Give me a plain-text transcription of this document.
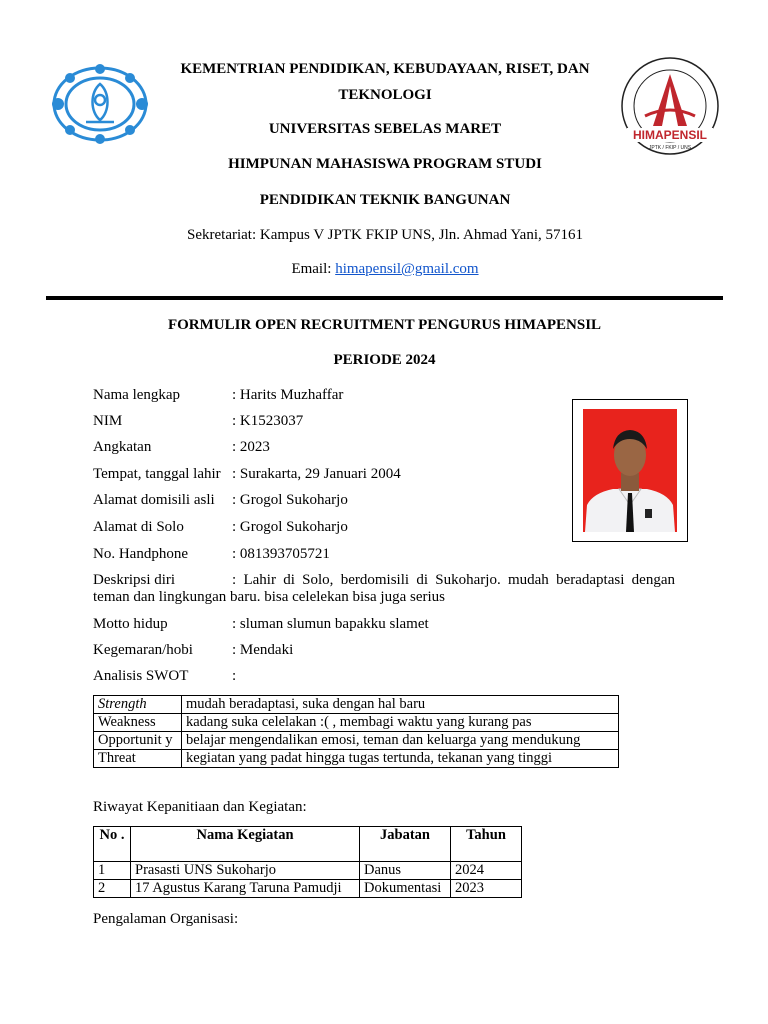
HIMAPENSIL
JPTK / FKIP / UNS
KEMENTRIAN PENDIDIKAN, KEBUDAYAAN, RISET, DAN
TEKNOLOGI
UNIVERSITAS SEBELAS MARET
HIMPUNAN MAHASISWA PROGRAM STUDI
PENDIDIKAN TEKNIK BANGUNAN
Sekretariat: Kampus V JPTK FKIP UNS, Jln. Ahmad Yani, 57161
Email: himapensil@gmail.com
FORMULIR OPEN RECRUITMENT PENGURUS HIMAPENSIL
PERIODE 2024
Nama lengkap	: Harits Muzhaffar
NIM	: K1523037
Angkatan	: 2023
Tempat, tanggal lahir : Surakarta, 29 Januari 2004
Alamat domisili asli : Grogol Sukoharjo
Alamat di Solo	: Grogol Sukoharjo
No. Handphone	: 081393705721
Deskripsi diri	: Lahir di Solo, berdomisili di Sukoharjo. mudah beradaptasi dengan teman dan lingkungan baru. bisa celelekan bisa juga serius
Motto hidup	: sluman slumun bapakku slamet
Kegemaran/hobi	: Mendaki
Analisis SWOT	:
Strength	mudah beradaptasi, suka dengan hal baru
Weakness	kadang suka celelakan :( , membagi waktu yang kurang pas
Opportunit y	belajar mengendalikan emosi, teman dan keluarga yang mendukung
Threat	kegiatan yang padat hingga tugas tertunda, tekanan yang tinggi
Riwayat Kepanitiaan dan Kegiatan:
No .	Nama Kegiatan	Jabatan	Tahun
1	Prasasti UNS Sukoharjo	Danus	2024
2	17 Agustus Karang Taruna Pamudji	Dokumentasi	2023
Pengalaman Organisasi:
